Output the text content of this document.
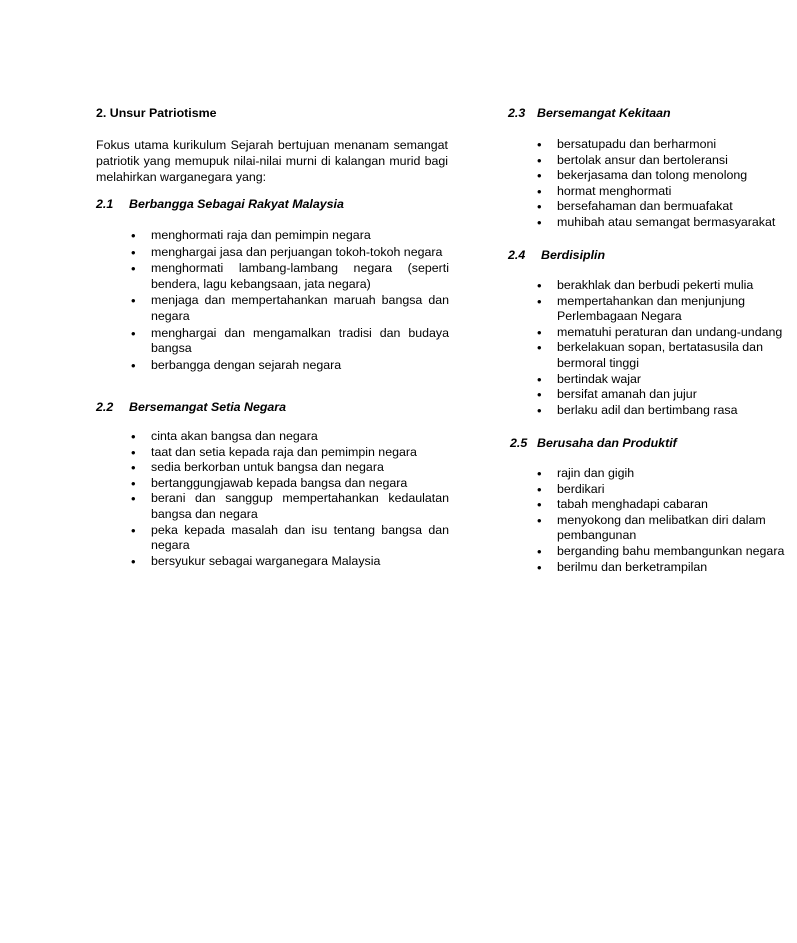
2. Unsur Patriotisme
Fokus utama kurikulum Sejarah bertujuan menanam semangat patriotik yang memupuk nilai-nilai murni di kalangan murid bagi melahirkan warganegara yang:
2.1 Berbangga Sebagai Rakyat Malaysia
• menghormati raja dan pemimpin negara
• menghargai jasa dan perjuangan tokoh-tokoh negara
• menghormati lambang-lambang negara (seperti bendera, lagu kebangsaan, jata negara)
• menjaga dan mempertahankan maruah bangsa dan negara
• menghargai dan mengamalkan tradisi dan budaya bangsa
• berbangga dengan sejarah negara
2.2 Bersemangat Setia Negara
• cinta akan bangsa dan negara
• taat dan setia kepada raja dan pemimpin negara
• sedia berkorban untuk bangsa dan negara
• bertanggungjawab kepada bangsa dan negara
• berani dan sanggup mempertahankan kedaulatan bangsa dan negara
• peka kepada masalah dan isu tentang bangsa dan negara
• bersyukur sebagai warganegara Malaysia
2.3 Bersemangat Kekitaan
• bersatupadu dan berharmoni
• bertolak ansur dan bertoleransi
• bekerjasama dan tolong menolong
• hormat menghormati
• bersefahaman dan bermuafakat
• muhibah atau semangat bermasyarakat
2.4 Berdisiplin
• berakhlak dan berbudi pekerti mulia
• mempertahankan dan menjunjung Perlembagaan Negara
• mematuhi peraturan dan undang-undang
• berkelakuan sopan, bertatasusila dan bermoral tinggi
• bertindak wajar
• bersifat amanah dan jujur
• berlaku adil dan bertimbang rasa
2.5 Berusaha dan Produktif
• rajin dan gigih
• berdikari
• tabah menghadapi cabaran
• menyokong dan melibatkan diri dalam pembangunan
• berganding bahu membangunkan negara
• berilmu dan berketrampilan
